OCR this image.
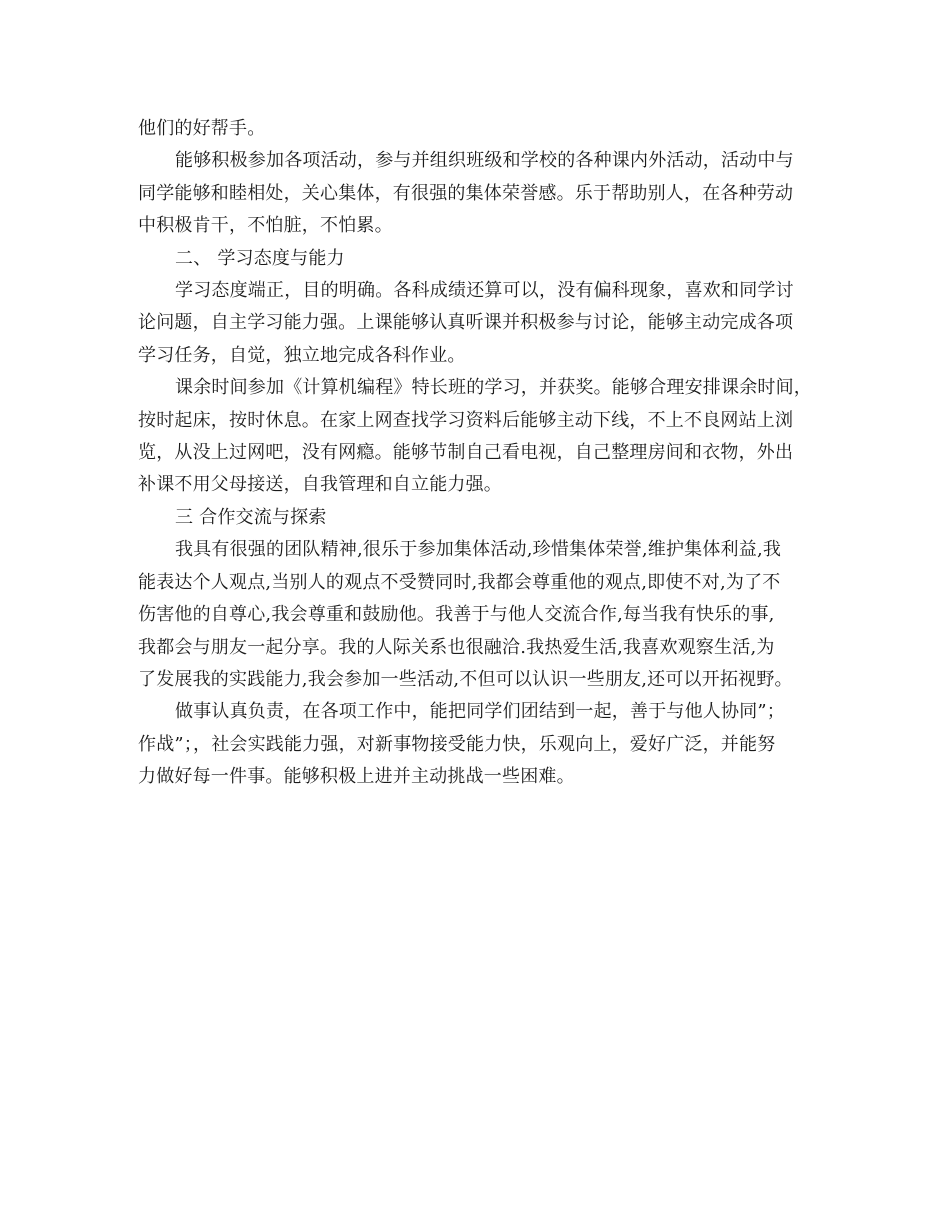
他们的好帮手。
能够积极参加各项活动，参与并组织班级和学校的各种课内外活动，活动中与
同学能够和睦相处，关心集体，有很强的集体荣誉感。乐于帮助别人，在各种劳动
中积极肯干，不怕脏，不怕累。
二、 学习态度与能力
学习态度端正，目的明确。各科成绩还算可以，没有偏科现象，喜欢和同学讨
论问题，自主学习能力强。上课能够认真听课并积极参与讨论，能够主动完成各项
学习任务，自觉，独立地完成各科作业。
课余时间参加《计算机编程》特长班的学习，并获奖。能够合理安排课余时间，
按时起床，按时休息。在家上网查找学习资料后能够主动下线，不上不良网站上浏
览，从没上过网吧，没有网瘾。能够节制自己看电视，自己整理房间和衣物，外出
补课不用父母接送，自我管理和自立能力强。
三 合作交流与探索
我具有很强的团队精神,很乐于参加集体活动,珍惜集体荣誉,维护集体利益,我
能表达个人观点,当别人的观点不受赞同时,我都会尊重他的观点,即使不对,为了不
伤害他的自尊心,我会尊重和鼓励他。我善于与他人交流合作,每当我有快乐的事,
我都会与朋友一起分享。我的人际关系也很融洽.我热爱生活,我喜欢观察生活,为
了发展我的实践能力,我会参加一些活动,不但可以认识一些朋友,还可以开拓视野。
做事认真负责，在各项工作中，能把同学们团结到一起，善于与他人协同”；
作战”；，社会实践能力强，对新事物接受能力快，乐观向上，爱好广泛，并能努
力做好每一件事。能够积极上进并主动挑战一些困难。
